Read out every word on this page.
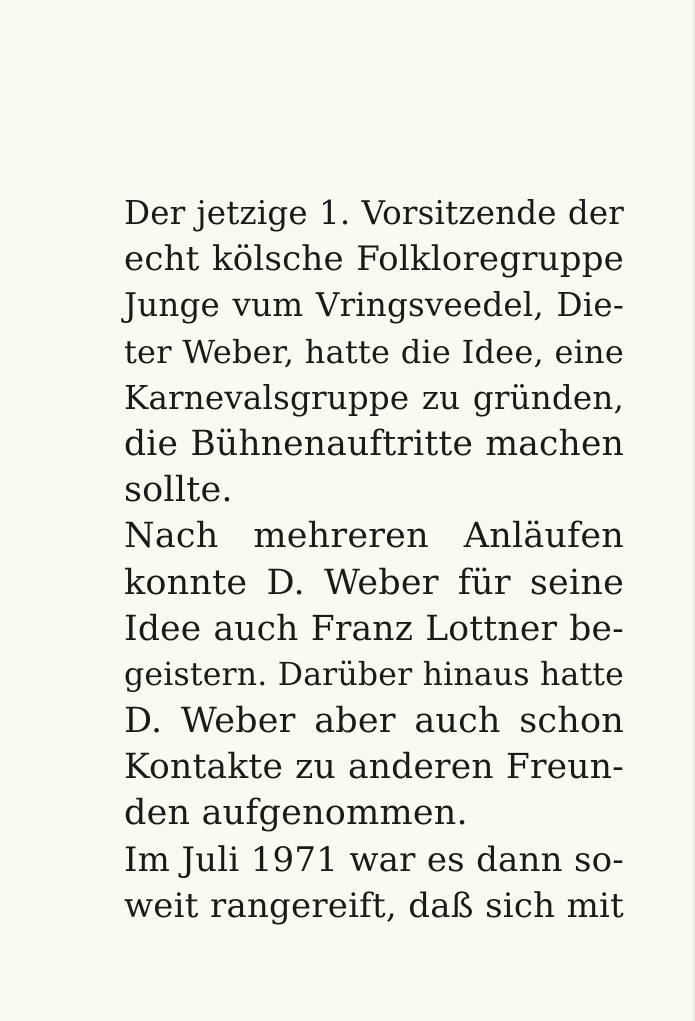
Der jetzige 1. Vorsitzende der
echt kölsche Folkloregruppe
Junge vum Vringsveedel, Die-
ter Weber, hatte die Idee, eine
Karnevalsgruppe zu gründen,
die Bühnenauftritte machen
sollte.
Nach mehreren Anläufen
konnte D. Weber für seine
Idee auch Franz Lottner be-
geistern. Darüber hinaus hatte
D. Weber aber auch schon
Kontakte zu anderen Freun-
den aufgenommen.
Im Juli 1971 war es dann so-
weit rangereift, daß sich mit
